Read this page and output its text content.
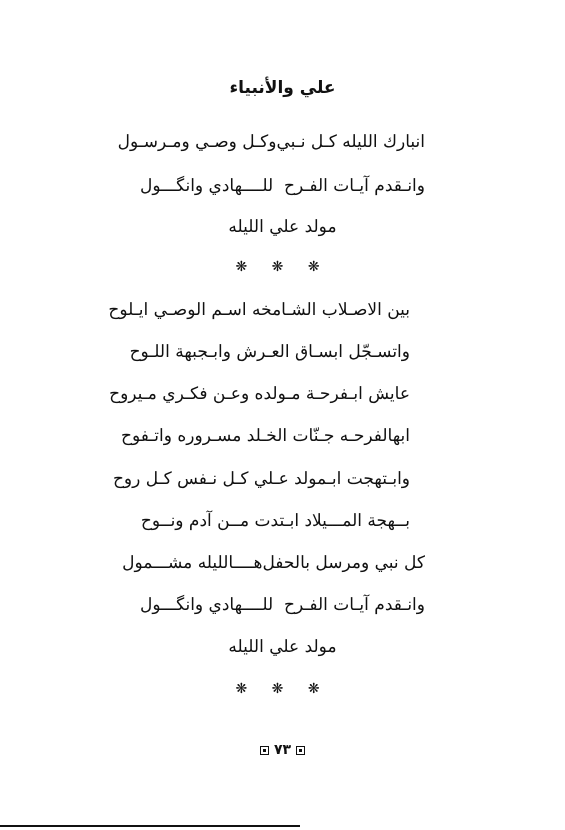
علي والأنبياء
انبارك الليله كـل نـبي
وكـل وصـي ومـرسـول
وانـقدم آيـات الفـرح
للــــهادي وانگـــول
مولد علي الليله
❋ ❋ ❋
بين الاصـلاب الشـامخه اسـم الوصـي ايـلوح
واتسـجّل ابسـاق العـرش وابـجبهة اللـوح
عايش ابـفرحـة مـولده وعـن فكـري مـيروح
ابهالفرحـه جـنّات الخـلد مسـروره واتـفوح
وابـتهجت ابـمولد عـلي كـل نـفس كـل روح
بــهجة المـــيلاد ابـتدت مــن آدم ونــوح
كل نبي ومرسل بالحفل
هــــالليله مشـــمول
وانـقدم آيـات الفـرح
للــــهادي وانگـــول
مولد علي الليله
❋ ❋ ❋
٧٣
